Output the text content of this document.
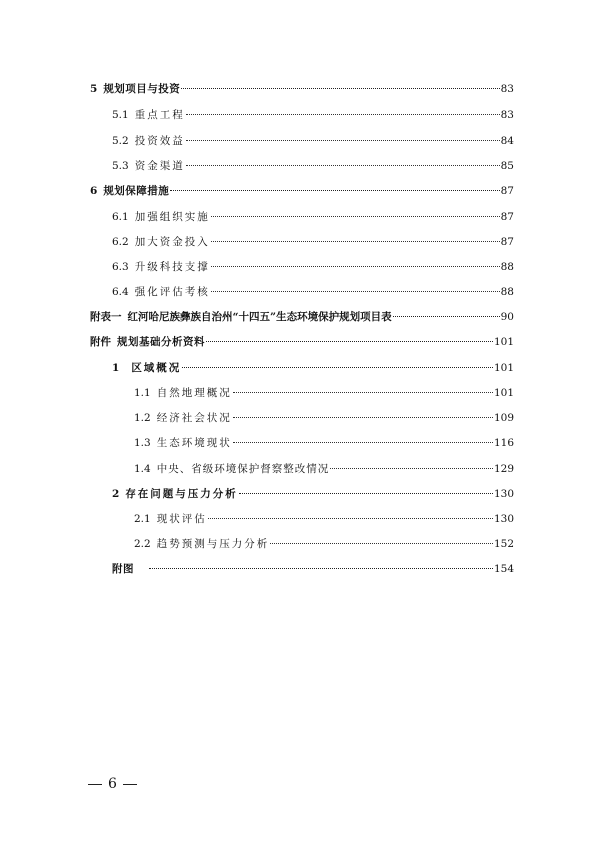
5 规划项目与投资	83
5.1 重点工程	83
5.2 投资效益	84
5.3 资金渠道	85
6 规划保障措施	87
6.1 加强组织实施	87
6.2 加大资金投入	87
6.3 升级科技支撑	88
6.4 强化评估考核	88
附表一 红河哈尼族彝族自治州“十四五”生态环境保护规划项目表	90
附件 规划基础分析资料	101
1	区域概况	101
1.1 自然地理概况	101
1.2 经济社会状况	109
1.3 生态环境现状	116
1.4 中央、省级环境保护督察整改情况	129
2 存在问题与压力分析	130
2.1 现状评估	130
2.2 趋势预测与压力分析	152
附图	154
6
